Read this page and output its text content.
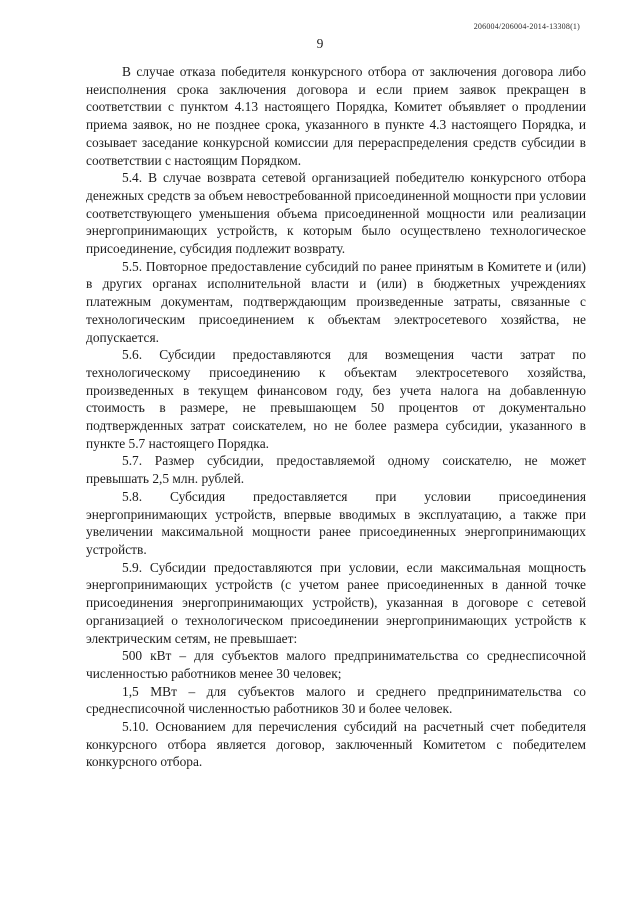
206004/206004-2014-13308(1)
9

В случае отказа победителя конкурсного отбора от заключения договора либо неисполнения срока заключения договора и если прием заявок прекращен в соответствии с пунктом 4.13 настоящего Порядка, Комитет объявляет о продлении приема заявок, но не позднее срока, указанного в пункте 4.3 настоящего Порядка, и созывает заседание конкурсной комиссии для перераспределения средств субсидии в соответствии с настоящим Порядком.

5.4. В случае возврата сетевой организацией победителю конкурсного отбора денежных средств за объем невостребованной присоединенной мощности при условии соответствующего уменьшения объема присоединенной мощности или реализации энергопринимающих устройств, к которым было осуществлено технологическое присоединение, субсидия подлежит возврату.

5.5. Повторное предоставление субсидий по ранее принятым в Комитете и (или) в других органах исполнительной власти и (или) в бюджетных учреждениях платежным документам, подтверждающим произведенные затраты, связанные с технологическим присоединением к объектам электросетевого хозяйства, не допускается.

5.6. Субсидии предоставляются для возмещения части затрат по технологическому присоединению к объектам электросетевого хозяйства, произведенных в текущем финансовом году, без учета налога на добавленную стоимость в размере, не превышающем 50 процентов от документально подтвержденных затрат соискателем, но не более размера субсидии, указанного в пункте 5.7 настоящего Порядка.

5.7. Размер субсидии, предоставляемой одному соискателю, не может превышать 2,5 млн. рублей.

5.8. Субсидия предоставляется при условии присоединения энергопринимающих устройств, впервые вводимых в эксплуатацию, а также при увеличении максимальной мощности ранее присоединенных энергопринимающих устройств.

5.9. Субсидии предоставляются при условии, если максимальная мощность энергопринимающих устройств (с учетом ранее присоединенных в данной точке присоединения энергопринимающих устройств), указанная в договоре с сетевой организацией о технологическом присоединении энергопринимающих устройств к электрическим сетям, не превышает:

500 кВт – для субъектов малого предпринимательства со среднесписочной численностью работников менее 30 человек;

1,5 МВт – для субъектов малого и среднего предпринимательства со среднесписочной численностью работников 30 и более человек.

5.10. Основанием для перечисления субсидий на расчетный счет победителя конкурсного отбора является договор, заключенный Комитетом с победителем конкурсного отбора.
